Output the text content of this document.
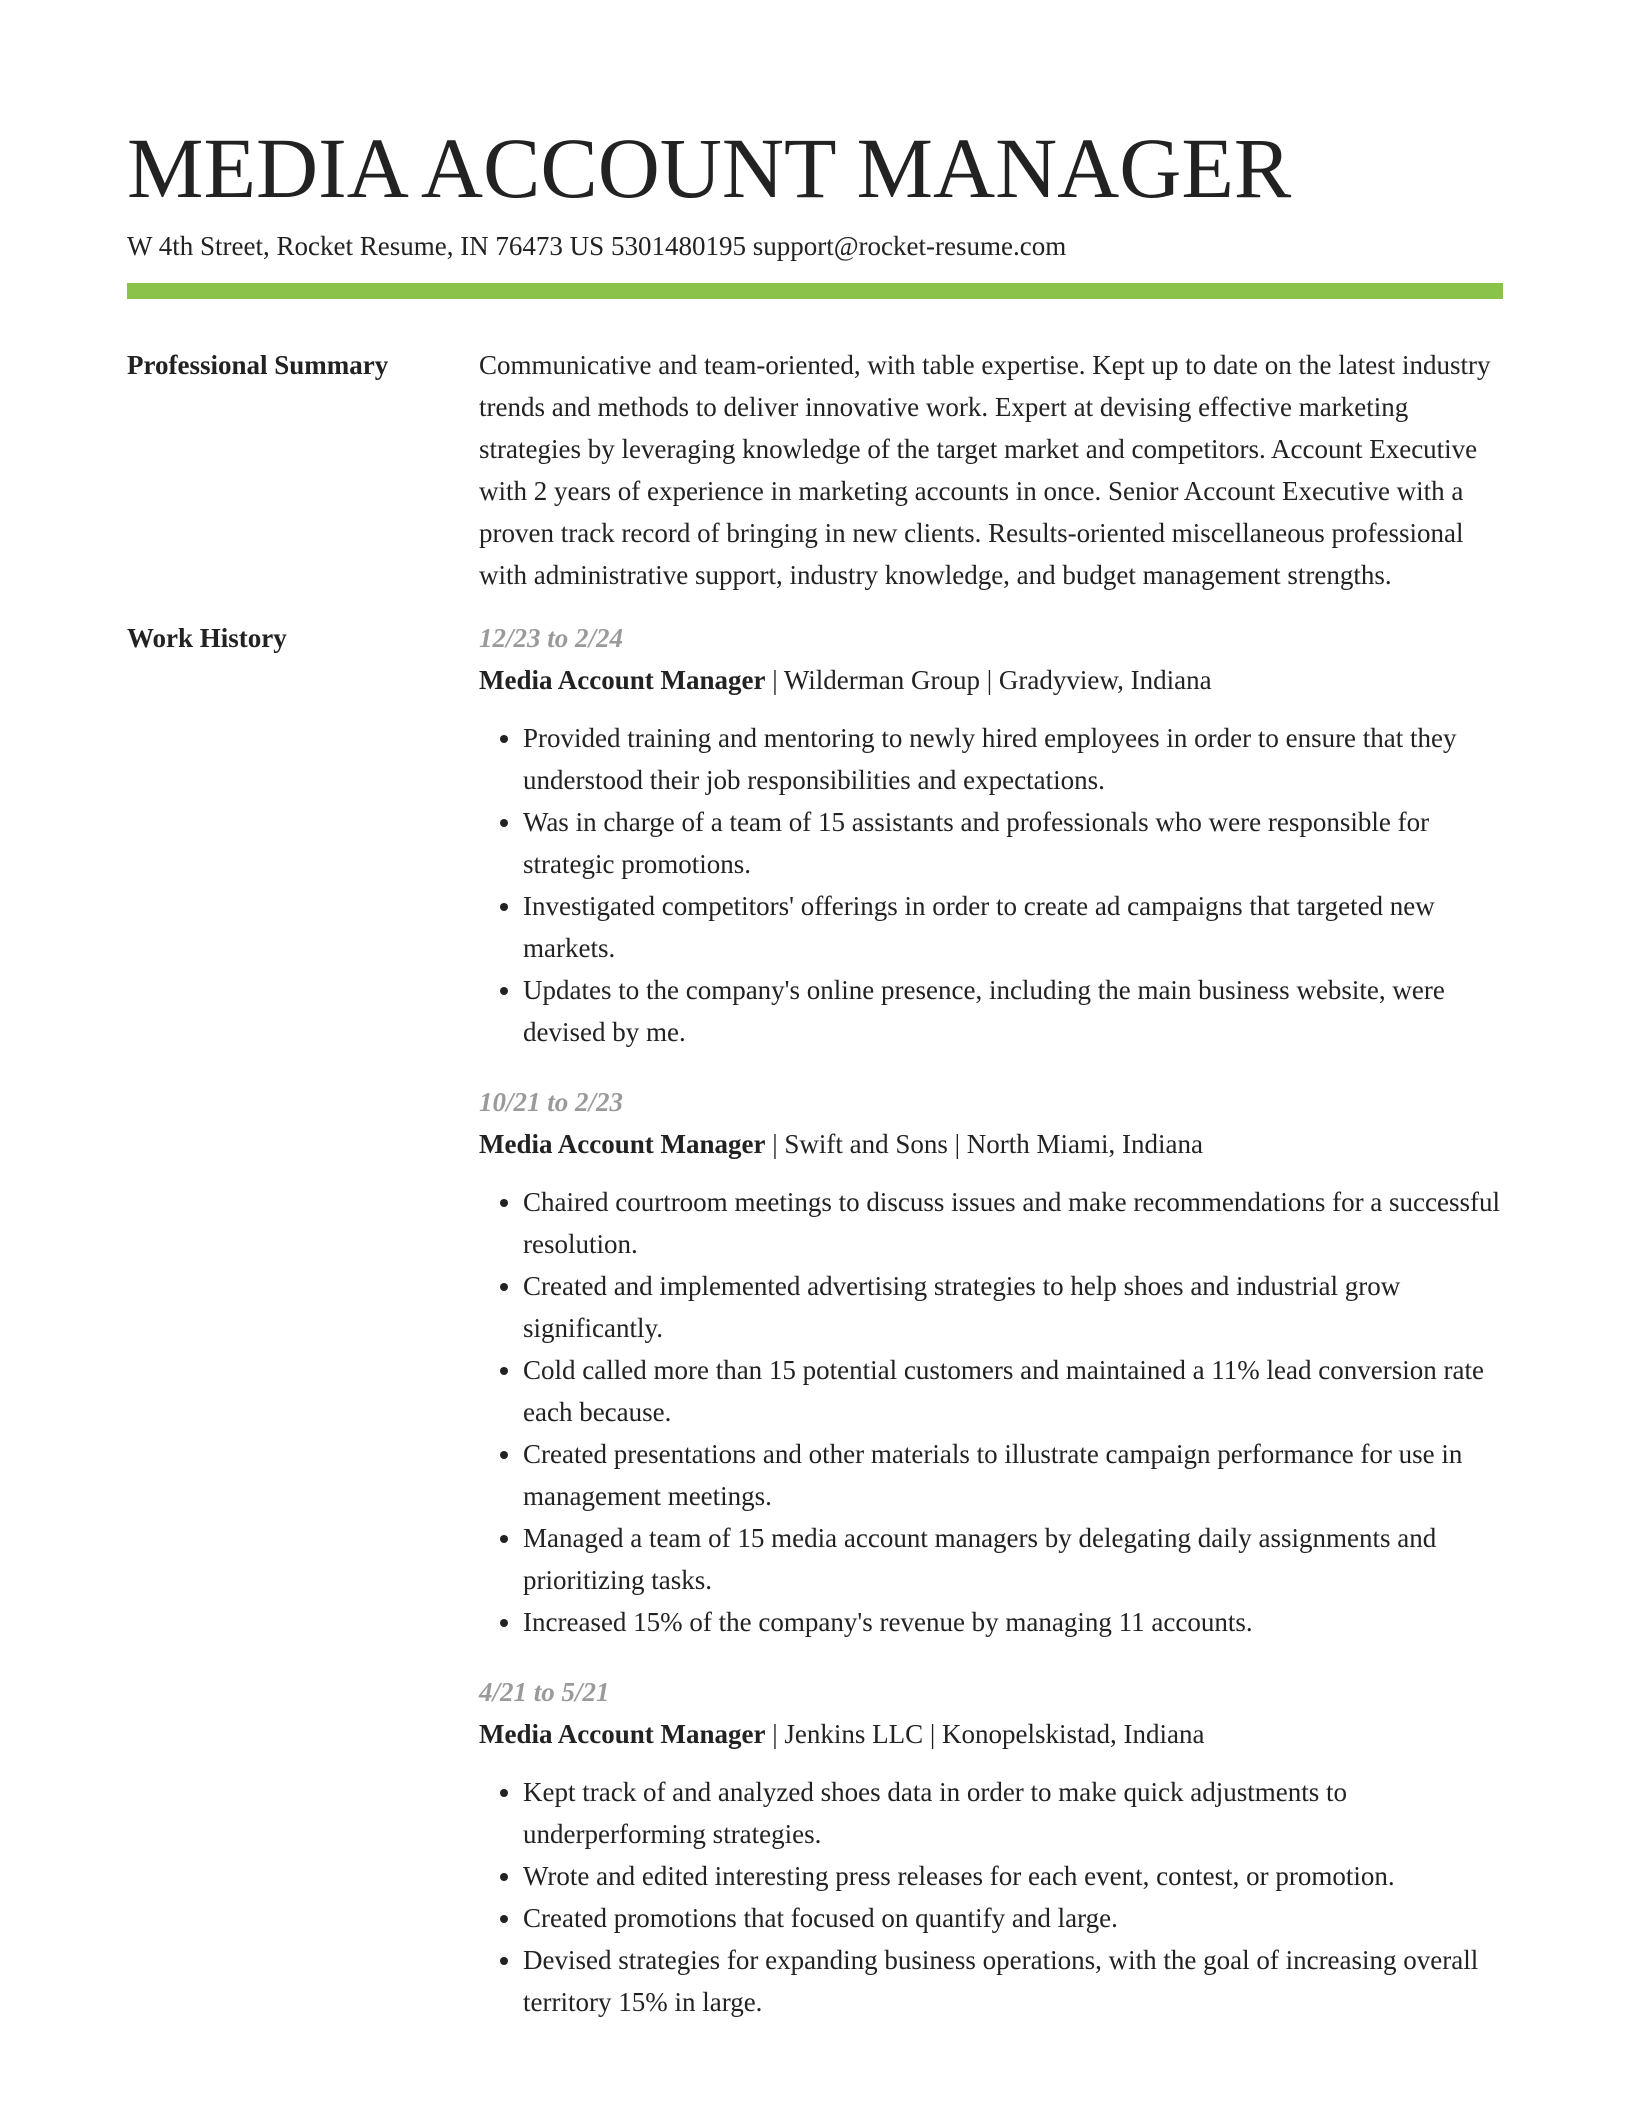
MEDIA ACCOUNT MANAGER
W 4th Street, Rocket Resume, IN 76473 US 5301480195 support@rocket-resume.com
Professional Summary	Communicative and team-oriented, with table expertise. Kept up to date on the latest industry trends and methods to deliver innovative work. Expert at devising effective marketing strategies by leveraging knowledge of the target market and competitors. Account Executive with 2 years of experience in marketing accounts in once. Senior Account Executive with a proven track record of bringing in new clients. Results-oriented miscellaneous professional with administrative support, industry knowledge, and budget management strengths.

Work History	12/23 to 2/24
Media Account Manager | Wilderman Group | Gradyview, Indiana
• Provided training and mentoring to newly hired employees in order to ensure that they understood their job responsibilities and expectations.
• Was in charge of a team of 15 assistants and professionals who were responsible for strategic promotions.
• Investigated competitors' offerings in order to create ad campaigns that targeted new markets.
• Updates to the company's online presence, including the main business website, were devised by me.
10/21 to 2/23
Media Account Manager | Swift and Sons | North Miami, Indiana
• Chaired courtroom meetings to discuss issues and make recommendations for a successful resolution.
• Created and implemented advertising strategies to help shoes and industrial grow significantly.
• Cold called more than 15 potential customers and maintained a 11% lead conversion rate each because.
• Created presentations and other materials to illustrate campaign performance for use in management meetings.
• Managed a team of 15 media account managers by delegating daily assignments and prioritizing tasks.
• Increased 15% of the company's revenue by managing 11 accounts.
4/21 to 5/21
Media Account Manager | Jenkins LLC | Konopelskistad, Indiana
• Kept track of and analyzed shoes data in order to make quick adjustments to underperforming strategies.
• Wrote and edited interesting press releases for each event, contest, or promotion.
• Created promotions that focused on quantify and large.
• Devised strategies for expanding business operations, with the goal of increasing overall territory 15% in large.
